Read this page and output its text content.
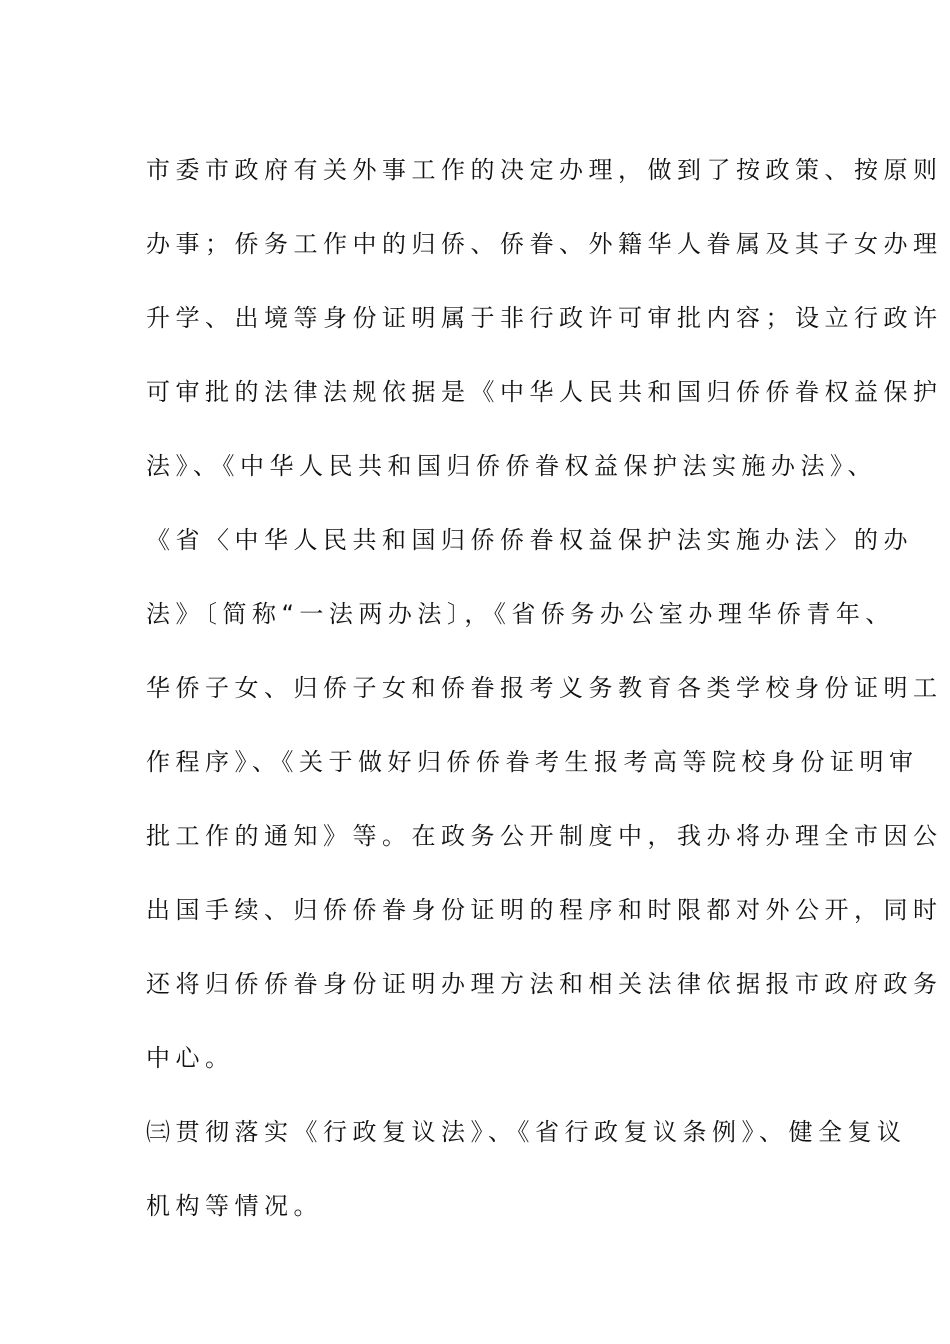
市委市政府有关外事工作的决定办理，做到了按政策、按原则
办事；侨务工作中的归侨、侨眷、外籍华人眷属及其子女办理
升学、出境等身份证明属于非行政许可审批内容；设立行政许
可审批的法律法规依据是《中华人民共和国归侨侨眷权益保护
法》、《中华人民共和国归侨侨眷权益保护法实施办法》、
《省〈中华人民共和国归侨侨眷权益保护法实施办法〉的办
法》〔简称“一法两办法〕，《省侨务办公室办理华侨青年、
华侨子女、归侨子女和侨眷报考义务教育各类学校身份证明工
作程序》、《关于做好归侨侨眷考生报考高等院校身份证明审
批工作的通知》等。在政务公开制度中，我办将办理全市因公
出国手续、归侨侨眷身份证明的程序和时限都对外公开，同时
还将归侨侨眷身份证明办理方法和相关法律依据报市政府政务
中心。
㈢贯彻落实《行政复议法》、《省行政复议条例》、健全复议
机构等情况。
